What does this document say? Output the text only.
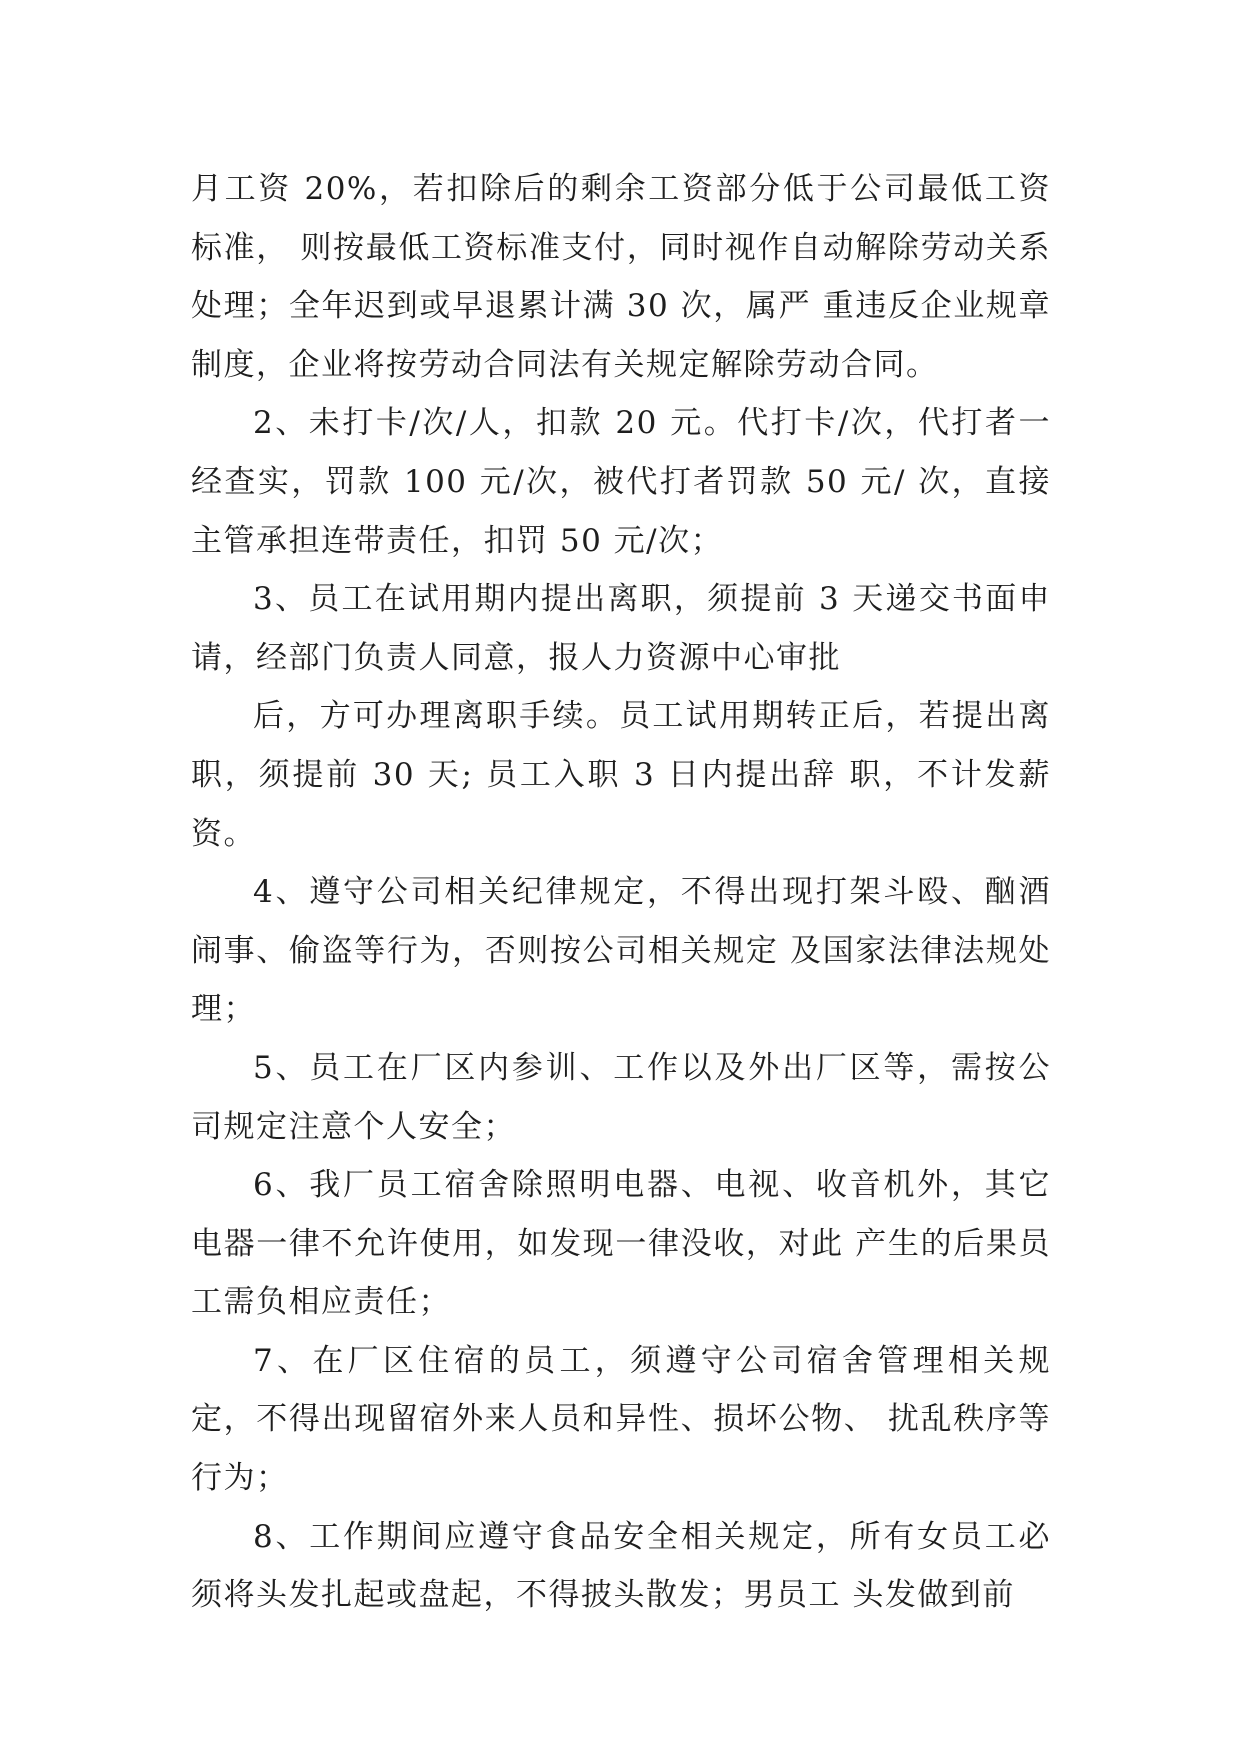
月工资 20%，若扣除后的剩余工资部分低于公司最低工资标准， 则按最低工资标准支付，同时视作自动解除劳动关系处理；全年迟到或早退累计满 30 次，属严 重违反企业规章制度，企业将按劳动合同法有关规定解除劳动合同。

2、未打卡/次/人，扣款 20 元。代打卡/次，代打者一经查实，罚款 100 元/次，被代打者罚款 50 元/ 次，直接主管承担连带责任，扣罚 50 元/次；

3、员工在试用期内提出离职，须提前 3 天递交书面申请，经部门负责人同意，报人力资源中心审批

后，方可办理离职手续。员工试用期转正后，若提出离职，须提前 30 天; 员工入职 3 日内提出辞 职，不计发薪资。

4、遵守公司相关纪律规定，不得出现打架斗殴、酗酒闹事、偷盗等行为，否则按公司相关规定 及国家法律法规处理；

5、员工在厂区内参训、工作以及外出厂区等，需按公司规定注意个人安全；

6、我厂员工宿舍除照明电器、电视、收音机外，其它电器一律不允许使用，如发现一律没收，对此 产生的后果员工需负相应责任；

7、在厂区住宿的员工，须遵守公司宿舍管理相关规定，不得出现留宿外来人员和异性、损坏公物、 扰乱秩序等行为；

8、工作期间应遵守食品安全相关规定，所有女员工必须将头发扎起或盘起，不得披头散发；男员工 头发做到前
